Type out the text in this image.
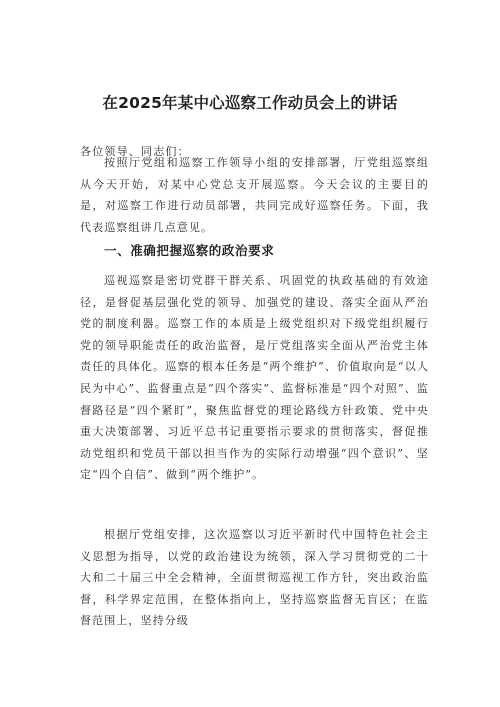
在2025年某中心巡察工作动员会上的讲话

各位领导、同志们：

按照厅党组和巡察工作领导小组的安排部署，厅党组巡察组从今天开始，对某中心党总支开展巡察。今天会议的主要目的是，对巡察工作进行动员部署，共同完成好巡察任务。下面，我代表巡察组讲几点意见。

一、准确把握巡察的政治要求

巡视巡察是密切党群干群关系、巩固党的执政基础的有效途径，是督促基层强化党的领导、加强党的建设、落实全面从严治党的制度利器。巡察工作的本质是上级党组织对下级党组织履行党的领导职能责任的政治监督，是厅党组落实全面从严治党主体责任的具体化。巡察的根本任务是“两个维护”、价值取向是“以人民为中心”、监督重点是“四个落实“、监督标准是“四个对照”、监督路径是“四个紧盯”，聚焦监督党的理论路线方针政策、党中央重大决策部署、习近平总书记重要指示要求的贯彻落实，督促推动党组织和党员干部以担当作为的实际行动增强“四个意识”、坚定“四个自信”、做到“两个维护”。

根据厅党组安排，这次巡察以习近平新时代中国特色社会主义思想为指导，以党的政治建设为统领，深入学习贯彻党的二十大和二十届三中全会精神，全面贯彻巡视工作方针，突出政治监督，科学界定范围，在整体指向上，坚持巡察监督无盲区；在监督范围上，坚持分级
